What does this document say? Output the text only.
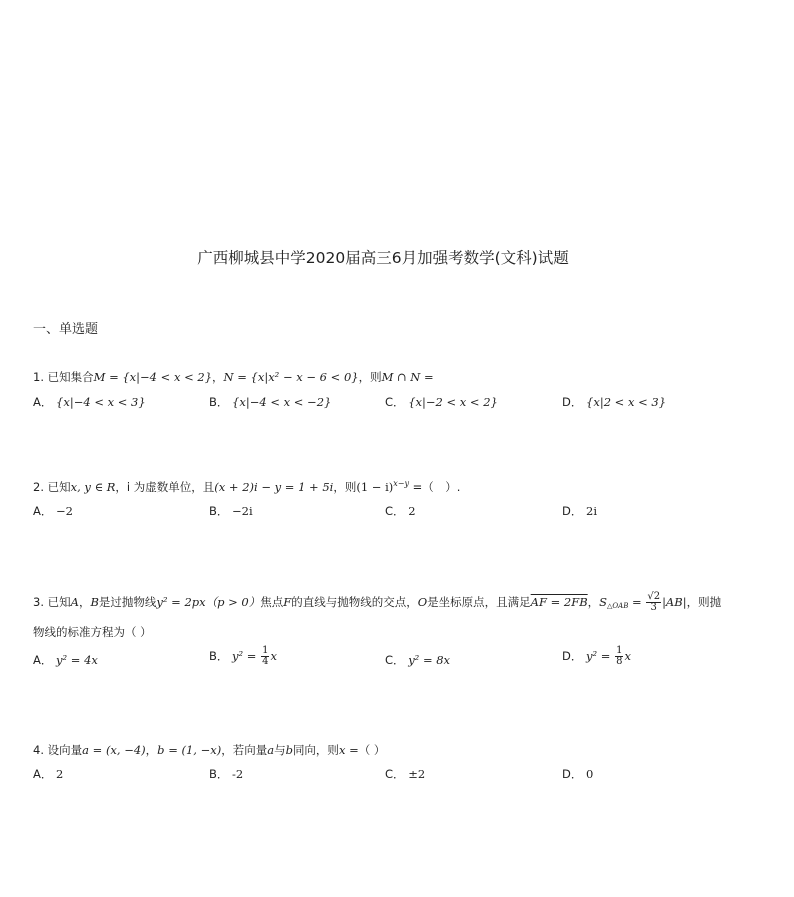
广西柳城县中学2020届高三6月加强考数学(文科)试题
一、单选题
1. 已知集合M = {x|−4 < x < 2}，N = {x|x² − x − 6 < 0}，则M ∩ N =
A． {x|−4 < x < 3}	B． {x|−4 < x < −2}	C． {x|−2 < x < 2}	D． {x|2 < x < 3}
2. 已知x, y ∈ R，i 为虚数单位，且(x + 2)i − y = 1 + 5i，则$(1 - i)^{x-y}$ =（　）.
A． −2	B． −2i	C． 2	D． 2i
3. 已知A，B是过抛物线y² = 2px（p > 0）焦点F的直线与抛物线的交点，O是坐标原点，且满足AF = 2FB，$S_{\triangle OAB} = \frac{√2}{3} |AB|$，则抛
物线的标准方程为（ ）
A． y² = 4x	B． $y^2 = \frac{1}{4}$ x	C． y² = 8x	D． $y^2 = \frac{1}{8}$ x
4. 设向量a = (x, −4)，b = (1, −x)，若向量a与b同向，则x =（ ）
A． 2	B． -2	C． ±2	D． 0
